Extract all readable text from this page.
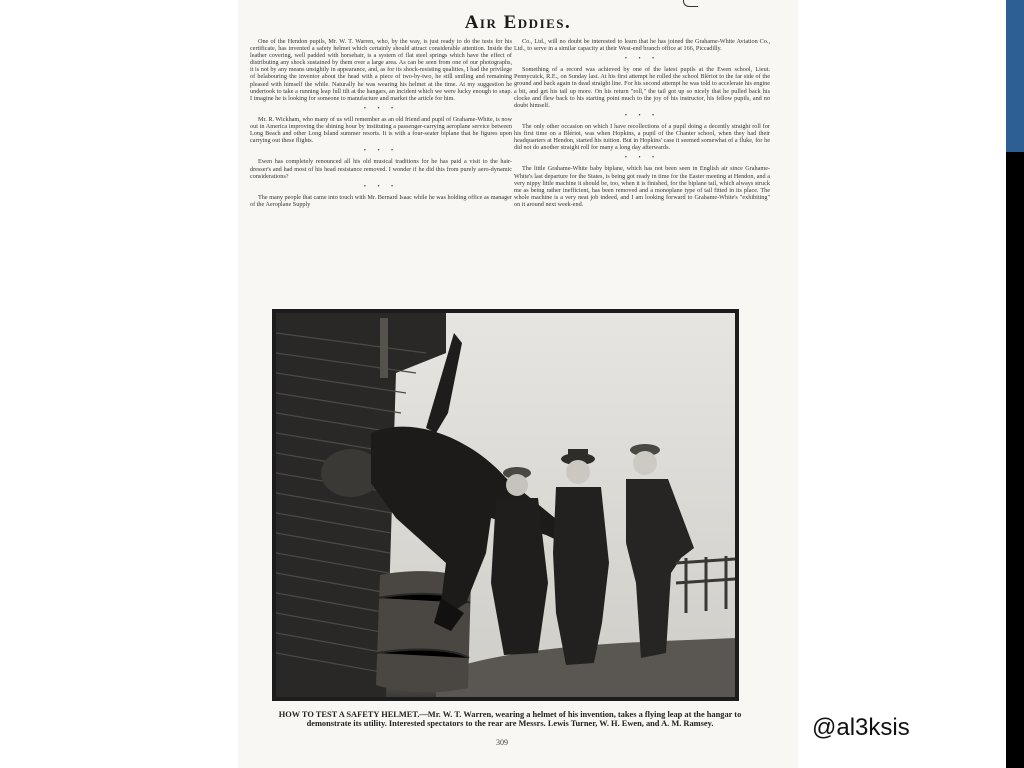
Air Eddies.

One of the Hendon pupils, Mr. W. T. Warren, who, by the way, is just ready to do the tests for his certificate, has invented a safety helmet which certainly should attract considerable attention. Inside the leather covering, well padded with horsehair, is a system of flat steel springs which have the effect of distributing any shock sustained by them over a large area. As can be seen from one of our photographs, it is not by any means unsightly in appearance, and, as for its shock-resisting qualities, I had the privilege of belabouring the inventor about the head with a piece of two-by-two, he still smiling and remaining pleased with himself the while. Naturally he was wearing his helmet at the time. At my suggestion he undertook to take a running leap full tilt at the hangars, an incident which we were lucky enough to snap. I imagine he is looking for someone to manufacture and market the article for him.

• • •

Mr. R. Wickham, who many of us will remember as an old friend and pupil of Grahame-White, is now out in America improving the shining hour by instituting a passenger-carrying aeroplane service between Long Beach and other Long Island summer resorts. It is with a four-seater biplane that he figures upon carrying out these flights.

• • •

Ewen has completely renounced all his old musical traditions for he has paid a visit to the hair-dresser's and had most of his head resistance removed. I wonder if he did this from purely aero-dynamic considerations?

• • •

The many people that came into touch with Mr. Bernard Isaac while he was holding office as manager of the Aeroplane Supply

Co., Ltd., will no doubt be interested to learn that he has joined the Grahame-White Aviation Co., Ltd., to serve in a similar capacity at their West-end branch office at 166, Piccadilly.

• • •

Something of a record was achieved by one of the latest pupils at the Ewen school, Lieut. Pennycuick, R.E., on Sunday last. At his first attempt he rolled the school Blériot to the far side of the ground and back again in dead straight line. For his second attempt he was told to accelerate his engine a bit, and get his tail up more. On his return "roll," the tail got up so nicely that he pulled back his clocke and flew back to his starting point much to the joy of his instructor, his fellow pupils, and no doubt himself.

• • •

The only other occasion on which I have recollections of a pupil doing a decently straight roll for his first time on a Blériot, was when Hopkins, a pupil of the Chanter school, when they had their headquarters at Hendon, started his tuition. But in Hopkins' case it seemed somewhat of a fluke, for he did not do another straight roll for many a long day afterwards.

• • •

The little Grahame-White baby biplane, which has not been seen in English air since Grahame-White's last departure for the States, is being got ready in time for the Easter meeting at Hendon, and a very nippy little machine it should be, too, when it is finished, for the biplane tail, which always struck me as being rather inefficient, has been removed and a monoplane type of tail fitted in its place. The whole machine is a very neat job indeed, and I am looking forward to Grahame-White's "exhibiting" on it around next week-end.

HOW TO TEST A SAFETY HELMET.—Mr. W. T. Warren, wearing a helmet of his invention, takes a flying leap at the hangar to demonstrate its utility. Interested spectators to the rear are Messrs. Lewis Turner, W. H. Ewen, and A. M. Ramsey.
309
@al3ksis
